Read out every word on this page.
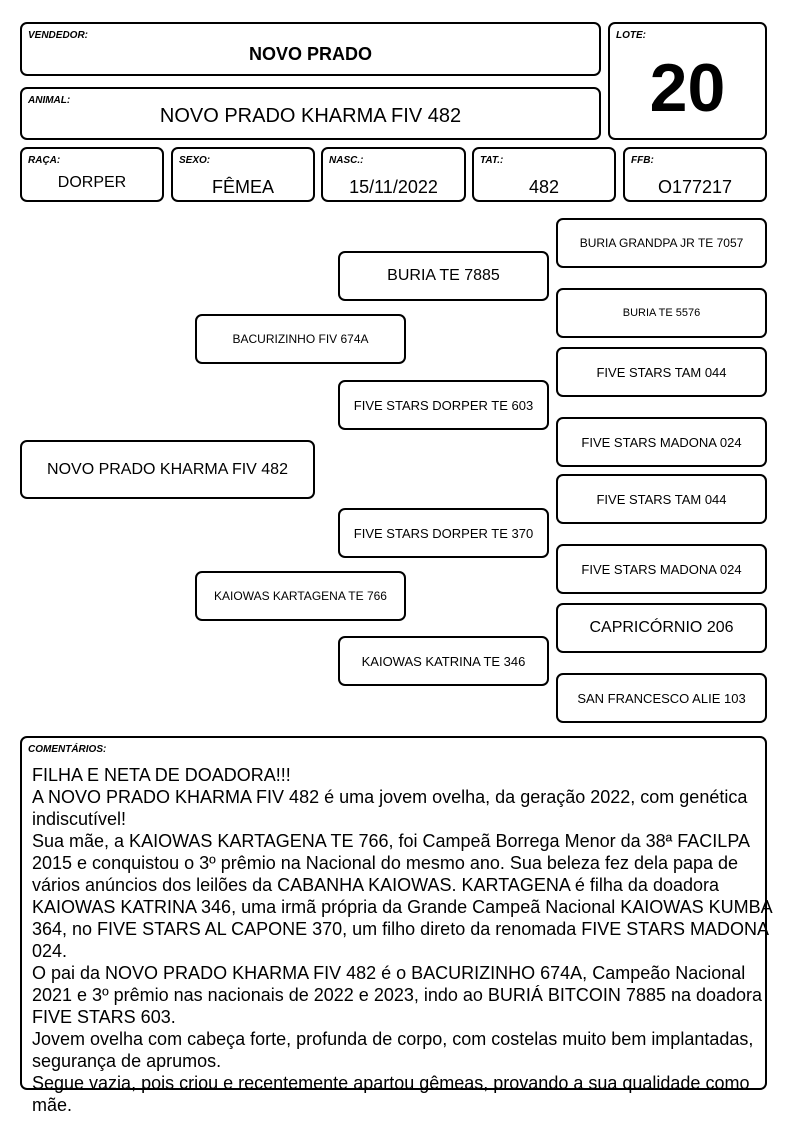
VENDEDOR:
NOVO PRADO
ANIMAL:
NOVO PRADO KHARMA FIV 482
LOTE:
20
RAÇA:
DORPER
SEXO:
FÊMEA
NASC.:
15/11/2022
TAT.:
482
FFB:
O177217
NOVO PRADO KHARMA FIV 482
BACURIZINHO FIV 674A
KAIOWAS KARTAGENA TE 766
BURIA TE 7885
FIVE STARS DORPER TE 603
FIVE STARS DORPER TE 370
KAIOWAS KATRINA TE 346
BURIA GRANDPA JR TE 7057
BURIA TE 5576
FIVE STARS TAM 044
FIVE STARS MADONA 024
FIVE STARS TAM 044
FIVE STARS MADONA 024
CAPRICÓRNIO 206
SAN FRANCESCO ALIE 103
COMENTÁRIOS:
FILHA E NETA DE DOADORA!!!
A NOVO PRADO KHARMA FIV 482 é uma jovem ovelha, da geração 2022, com genética indiscutível!
Sua mãe, a KAIOWAS KARTAGENA TE 766, foi Campeã Borrega Menor da 38ª FACILPA 2015 e conquistou o 3º prêmio na Nacional do mesmo ano. Sua beleza fez dela papa de vários anúncios dos leilões da CABANHA KAIOWAS. KARTAGENA é filha da doadora KAIOWAS KATRINA 346, uma irmã própria da Grande Campeã Nacional KAIOWAS KUMBA 364, no FIVE STARS AL CAPONE 370, um filho direto da renomada FIVE STARS MADONA 024.
O pai da NOVO PRADO KHARMA FIV 482 é o BACURIZINHO 674A, Campeão Nacional 2021 e 3º prêmio nas nacionais de 2022 e 2023, indo ao BURIÁ BITCOIN 7885 na doadora FIVE STARS 603.
Jovem ovelha com cabeça forte, profunda de corpo, com costelas muito bem implantadas, segurança de aprumos.
Segue vazia, pois criou e recentemente apartou gêmeas, provando a sua qualidade como mãe.
